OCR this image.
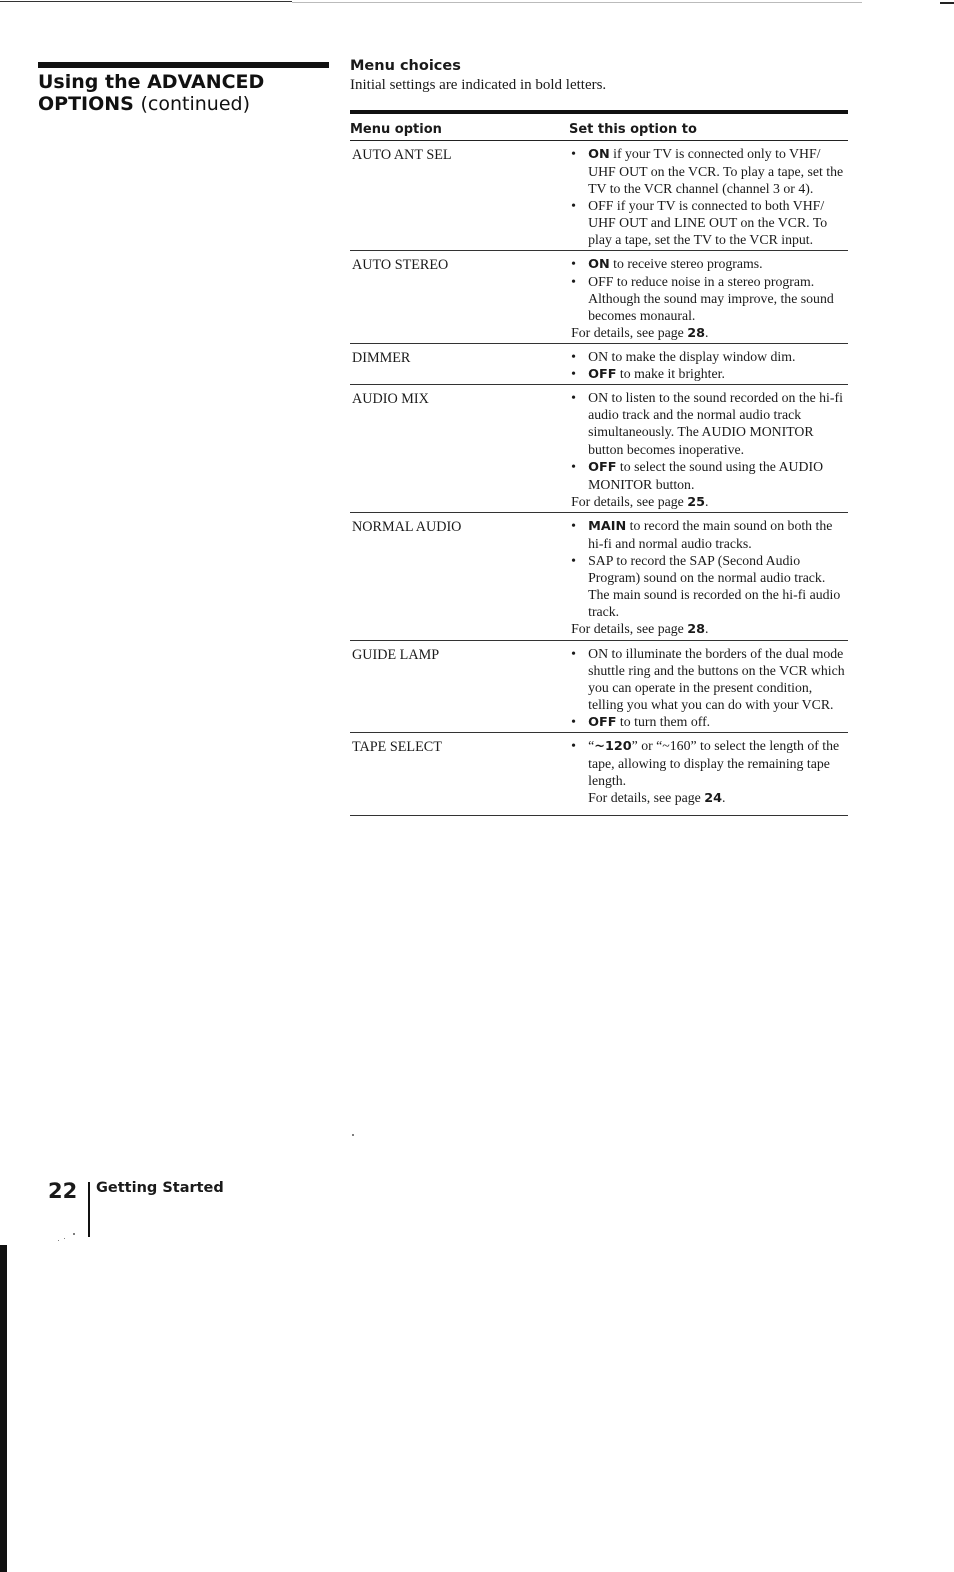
Using the ADVANCED
OPTIONS (continued)
Menu choices
Initial settings are indicated in bold letters.
Menu option	Set this option to
AUTO ANT SEL	• ON if your TV is connected only to VHF/ UHF OUT on the VCR. To play a tape, set the TV to the VCR channel (channel 3 or 4).
• OFF if your TV is connected to both VHF/ UHF OUT and LINE OUT on the VCR. To play a tape, set the TV to the VCR input.
AUTO STEREO	• ON to receive stereo programs.
• OFF to reduce noise in a stereo program. Although the sound may improve, the sound becomes monaural.
For details, see page 28.
DIMMER	• ON to make the display window dim.
• OFF to make it brighter.
AUDIO MIX	• ON to listen to the sound recorded on the hi-fi audio track and the normal audio track simultaneously. The AUDIO MONITOR button becomes inoperative.
• OFF to select the sound using the AUDIO MONITOR button.
For details, see page 25.
NORMAL AUDIO	• MAIN to record the main sound on both the hi-fi and normal audio tracks.
• SAP to record the SAP (Second Audio Program) sound on the normal audio track. The main sound is recorded on the hi-fi audio track.
For details, see page 28.
GUIDE LAMP	• ON to illuminate the borders of the dual mode shuttle ring and the buttons on the VCR which you can operate in the present condition, telling you what you can do with your VCR.
• OFF to turn them off.
TAPE SELECT	• “~120” or “~160” to select the length of the tape, allowing to display the remaining tape length.
For details, see page 24.
22 Getting Started
